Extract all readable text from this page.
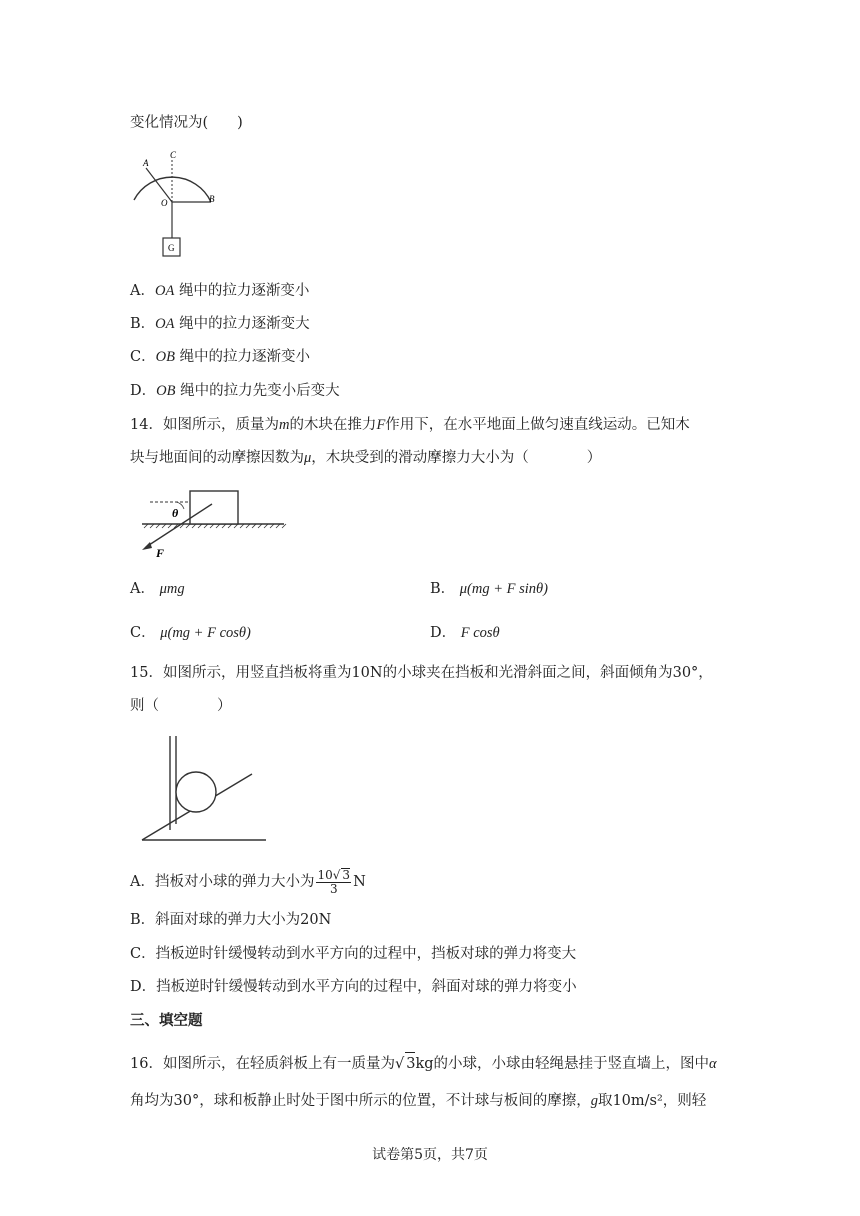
变化情况为(　　)
A
C
O	B
G
A．OA 绳中的拉力逐渐变小
B．OA 绳中的拉力逐渐变大
C．OB 绳中的拉力逐渐变小
D．OB 绳中的拉力先变小后变大
14．如图所示，质量为m的木块在推力F作用下，在水平地面上做匀速直线运动。已知木
块与地面间的动摩擦因数为μ，木块受到的滑动摩擦力大小为（　　　　）
θ
F
A． μmg	B． μ(mg + F sinθ)
C． μ(mg + F cosθ)	D． F cosθ
15．如图所示，用竖直挡板将重为10N的小球夹在挡板和光滑斜面之间，斜面倾角为30°，
则（　　　　）
A．挡板对小球的弹力大小为 $\frac{10√ 3}{3}$ N
B．斜面对球的弹力大小为20N
C．挡板逆时针缓慢转动到水平方向的过程中，挡板对球的弹力将变大
D．挡板逆时针缓慢转动到水平方向的过程中，斜面对球的弹力将变小
三、填空题
16．如图所示，在轻质斜板上有一质量为√ 3kg的小球，小球由轻绳悬挂于竖直墙上，图中α
角均为30°，球和板静止时处于图中所示的位置，不计球与板间的摩擦，g取10m/s²，则轻
试卷第5页，共7页
